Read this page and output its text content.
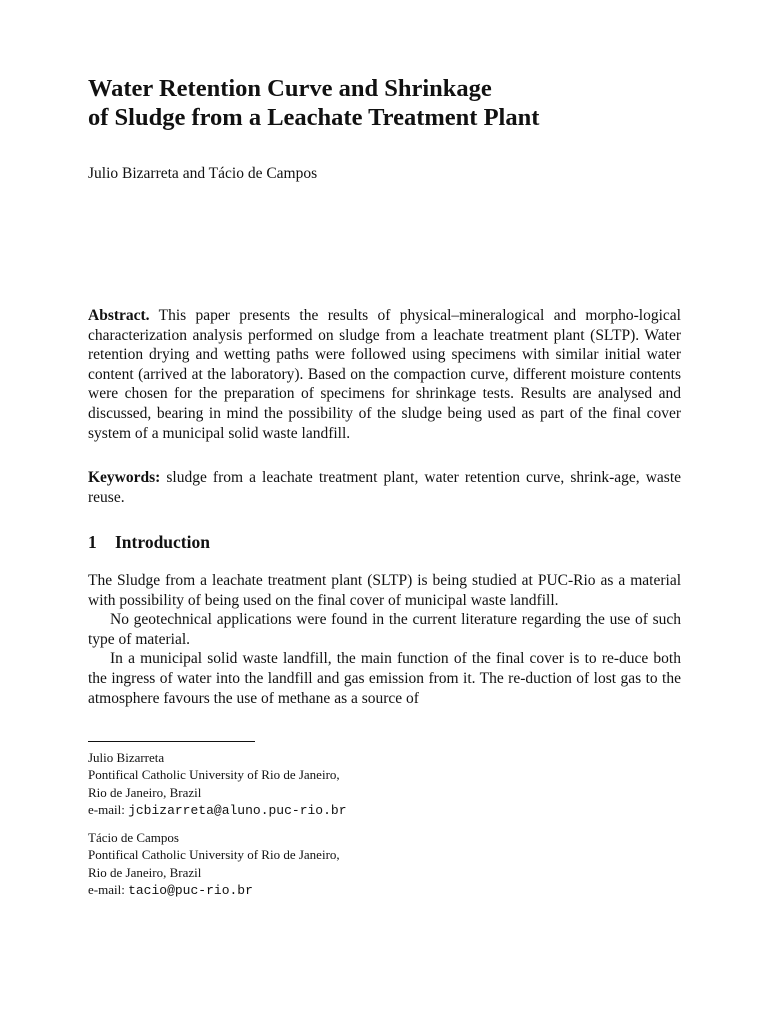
Water Retention Curve and Shrinkage
of Sludge from a Leachate Treatment Plant
Julio Bizarreta and Tácio de Campos

Abstract. This paper presents the results of physical–mineralogical and morpho-logical characterization analysis performed on sludge from a leachate treatment plant (SLTP). Water retention drying and wetting paths were followed using specimens with similar initial water content (arrived at the laboratory). Based on the compaction curve, different moisture contents were chosen for the preparation of specimens for shrinkage tests. Results are analysed and discussed, bearing in mind the possibility of the sludge being used as part of the final cover system of a municipal solid waste landfill.

Keywords: sludge from a leachate treatment plant, water retention curve, shrink-age, waste reuse.

1 Introduction

The Sludge from a leachate treatment plant (SLTP) is being studied at PUC-Rio as a material with possibility of being used on the final cover of municipal waste landfill.

No geotechnical applications were found in the current literature regarding the use of such type of material.

In a municipal solid waste landfill, the main function of the final cover is to re-duce both the ingress of water into the landfill and gas emission from it. The re-duction of lost gas to the atmosphere favours the use of methane as a source of

Julio Bizarreta
Pontifical Catholic University of Rio de Janeiro,
Rio de Janeiro, Brazil
e-mail: jcbizarreta@aluno.puc-rio.br
Tácio de Campos
Pontifical Catholic University of Rio de Janeiro,
Rio de Janeiro, Brazil
e-mail: tacio@puc-rio.br
